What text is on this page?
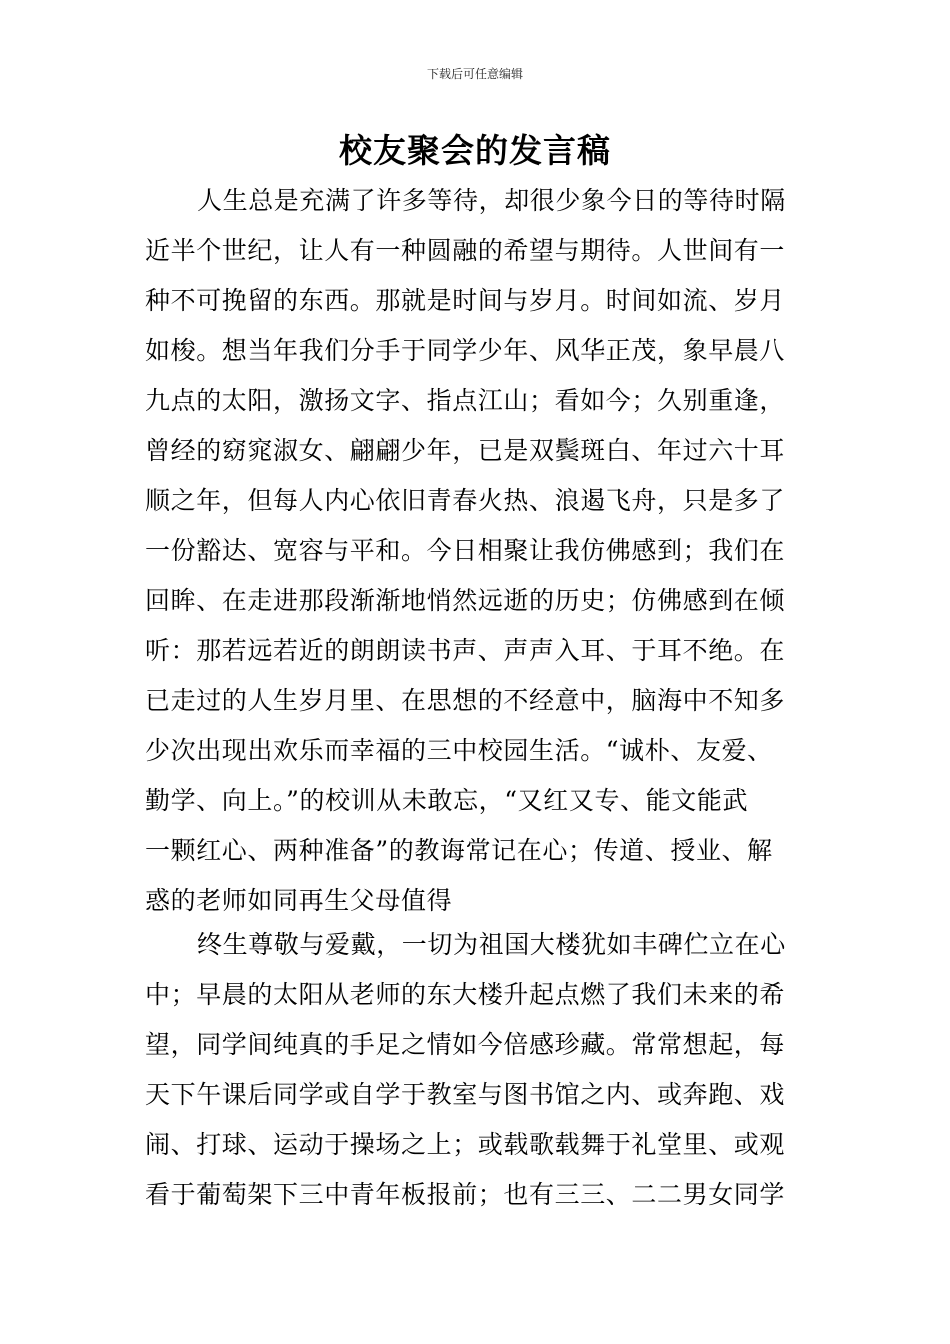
下载后可任意编辑
校友聚会的发言稿
人生总是充满了许多等待，却很少象今日的等待时隔
近半个世纪，让人有一种圆融的希望与期待。人世间有一
种不可挽留的东西。那就是时间与岁月。时间如流、岁月
如梭。想当年我们分手于同学少年、风华正茂，象早晨八
九点的太阳，激扬文字、指点江山；看如今；久别重逢，
曾经的窈窕淑女、翩翩少年，已是双鬓斑白、年过六十耳
顺之年，但每人内心依旧青春火热、浪遏飞舟，只是多了
一份豁达、宽容与平和。今日相聚让我仿佛感到；我们在
回眸、在走进那段渐渐地悄然远逝的历史；仿佛感到在倾
听：那若远若近的朗朗读书声、声声入耳、于耳不绝。在
已走过的人生岁月里、在思想的不经意中，脑海中不知多
少次出现出欢乐而幸福的三中校园生活。“诚朴、友爱、
勤学、向上。”的校训从未敢忘，“又红又专、能文能武
一颗红心、两种准备”的教诲常记在心；传道、授业、解
惑的老师如同再生父母值得
终生尊敬与爱戴，一切为祖国大楼犹如丰碑伫立在心
中；早晨的太阳从老师的东大楼升起点燃了我们未来的希
望，同学间纯真的手足之情如今倍感珍藏。常常想起，每
天下午课后同学或自学于教室与图书馆之内、或奔跑、戏
闹、打球、运动于操场之上；或载歌载舞于礼堂里、或观
看于葡萄架下三中青年板报前；也有三三、二二男女同学
